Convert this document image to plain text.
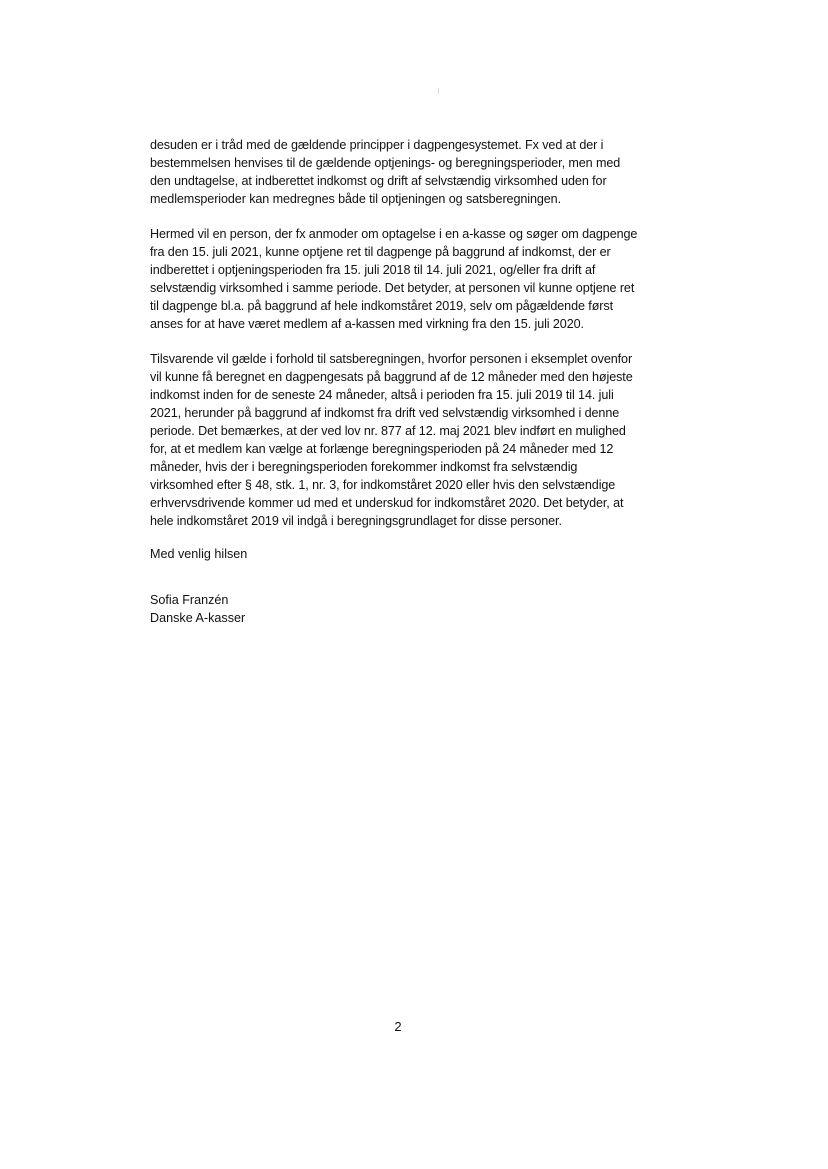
desuden er i tråd med de gældende principper i dagpengesystemet. Fx ved at der i
bestemmelsen henvises til de gældende optjenings- og beregningsperioder, men med
den undtagelse, at indberettet indkomst og drift af selvstændig virksomhed uden for
medlemsperioder kan medregnes både til optjeningen og satsberegningen.
Hermed vil en person, der fx anmoder om optagelse i en a-kasse og søger om dagpenge
fra den 15. juli 2021, kunne optjene ret til dagpenge på baggrund af indkomst, der er
indberettet i optjeningsperioden fra 15. juli 2018 til 14. juli 2021, og/eller fra drift af
selvstændig virksomhed i samme periode. Det betyder, at personen vil kunne optjene ret
til dagpenge bl.a. på baggrund af hele indkomståret 2019, selv om pågældende først
anses for at have været medlem af a-kassen med virkning fra den 15. juli 2020.
Tilsvarende vil gælde i forhold til satsberegningen, hvorfor personen i eksemplet ovenfor
vil kunne få beregnet en dagpengesats på baggrund af de 12 måneder med den højeste
indkomst inden for de seneste 24 måneder, altså i perioden fra 15. juli 2019 til 14. juli
2021, herunder på baggrund af indkomst fra drift ved selvstændig virksomhed i denne
periode. Det bemærkes, at der ved lov nr. 877 af 12. maj 2021 blev indført en mulighed
for, at et medlem kan vælge at forlænge beregningsperioden på 24 måneder med 12
måneder, hvis der i beregningsperioden forekommer indkomst fra selvstændig
virksomhed efter § 48, stk. 1, nr. 3, for indkomståret 2020 eller hvis den selvstændige
erhvervsdrivende kommer ud med et underskud for indkomståret 2020. Det betyder, at
hele indkomståret 2019 vil indgå i beregningsgrundlaget for disse personer.
Med venlig hilsen
Sofia Franzén
Danske A-kasser
2
